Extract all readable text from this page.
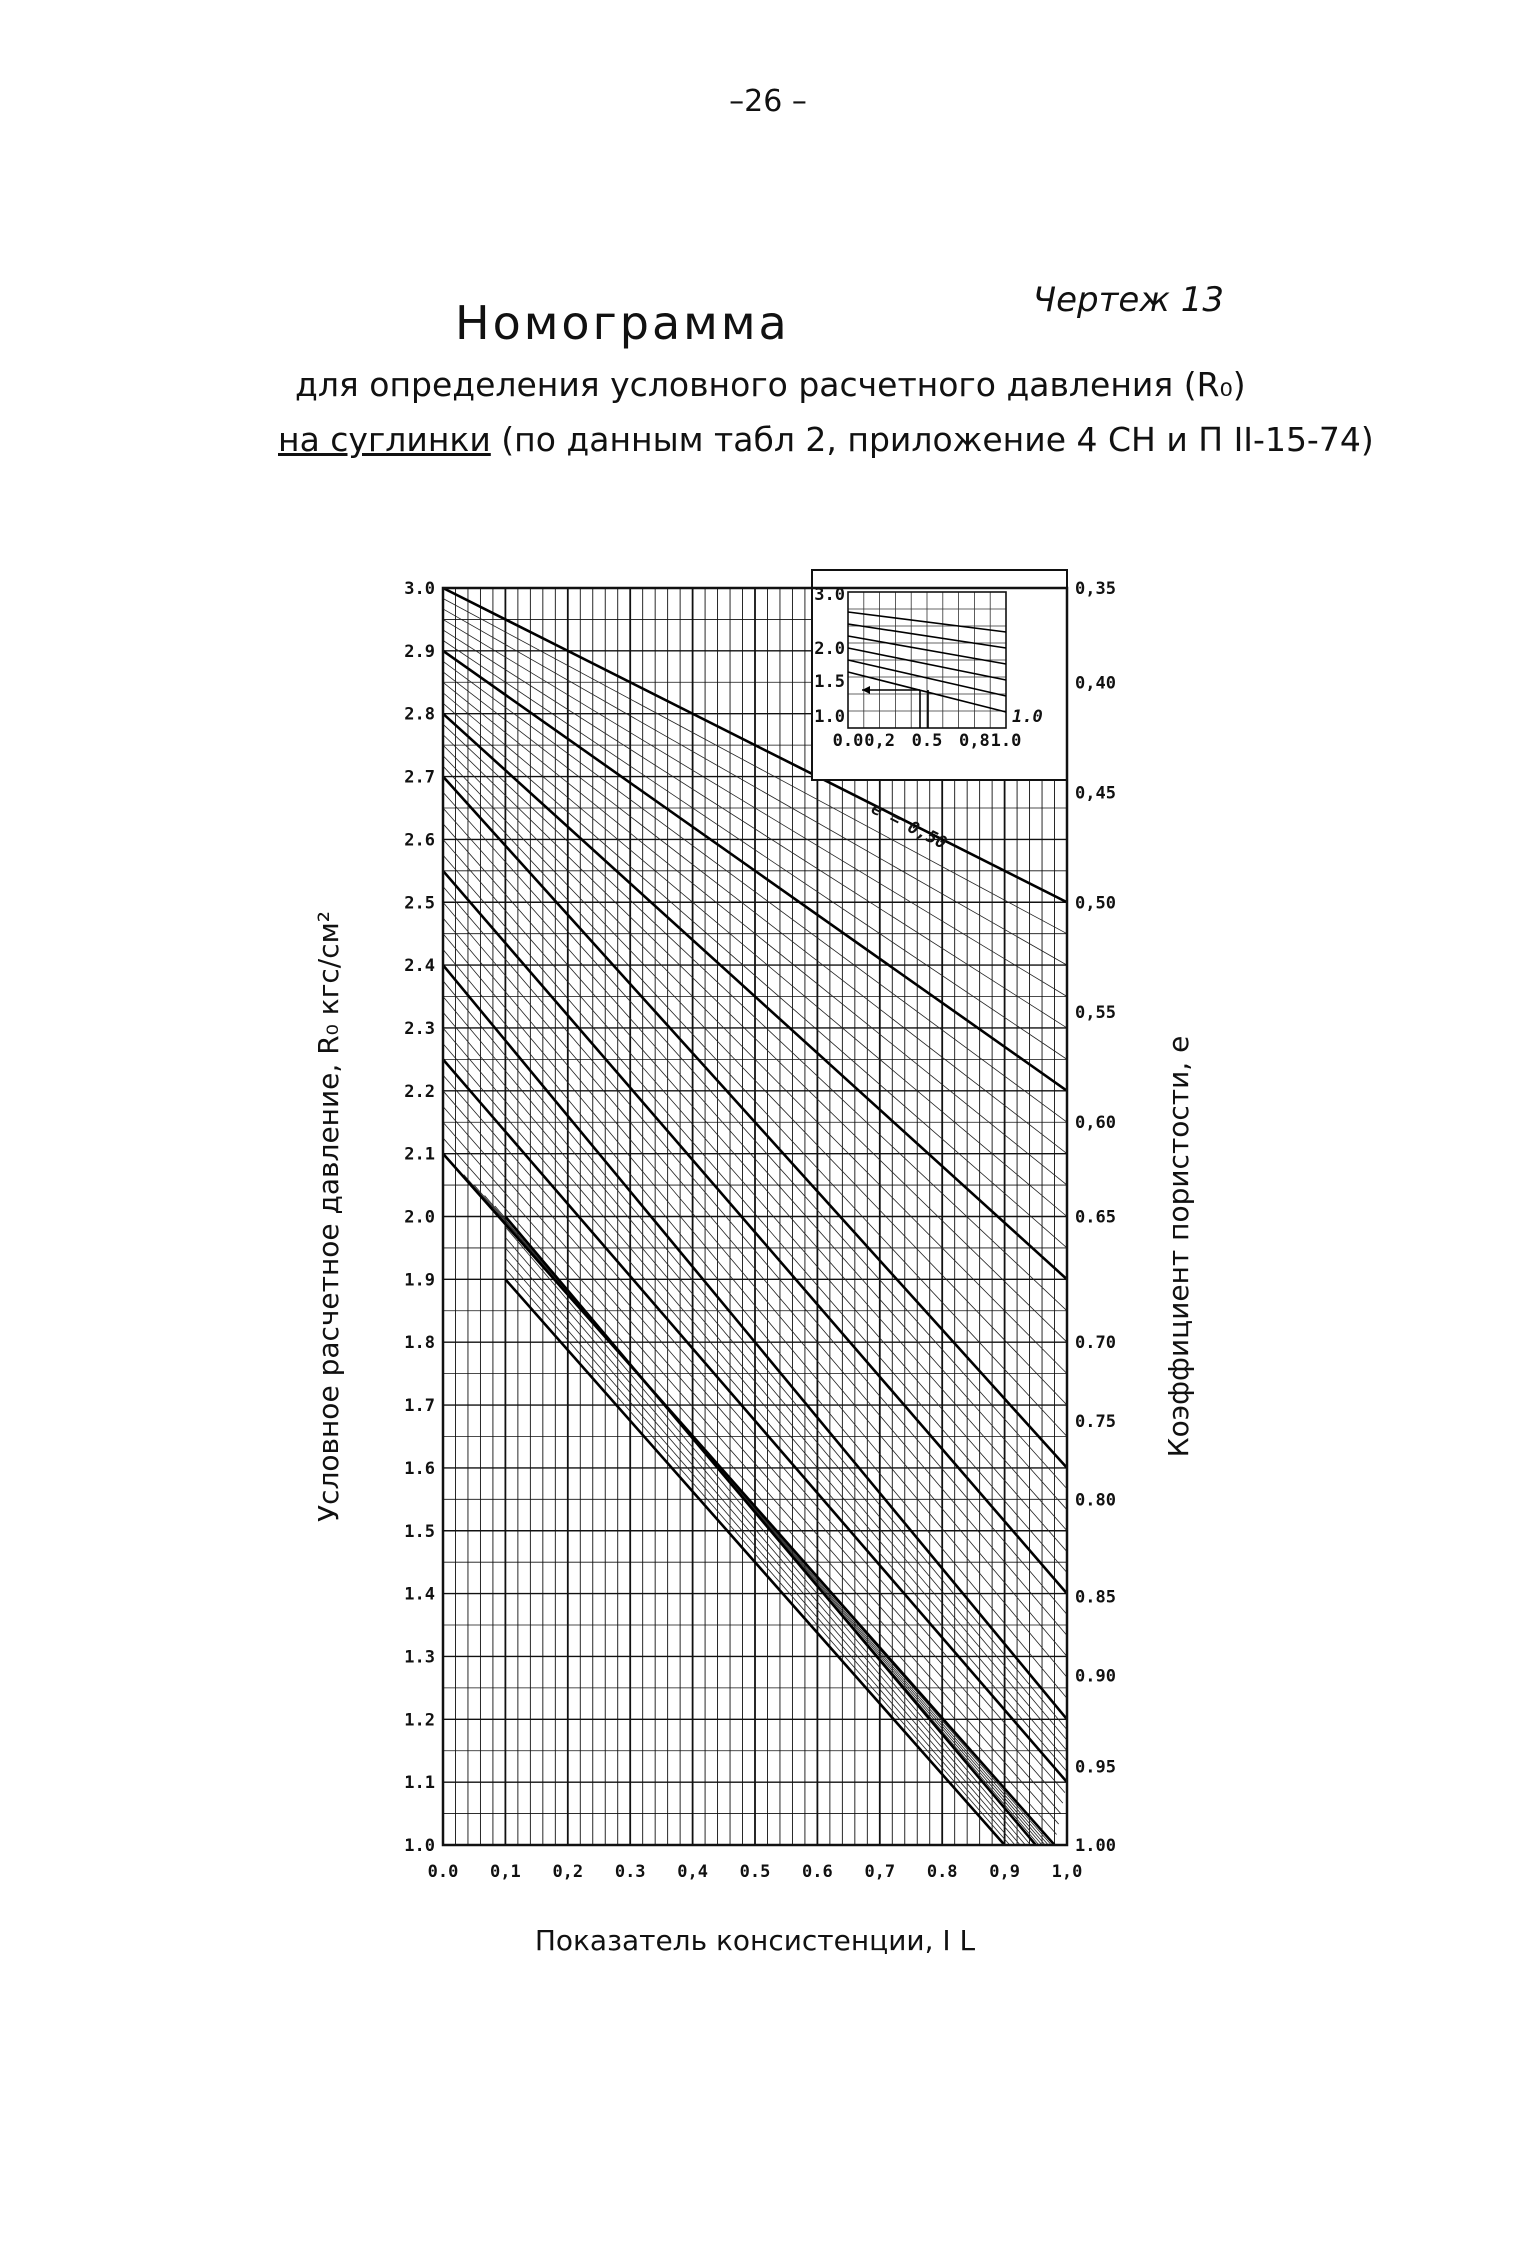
–26 –
Чертеж 13
Номограмма
для определения условного расчетного давления (R₀)
на суглинки (по данным табл 2, приложение 4 СН и П II-15-74)
0.0 0,2 0.5 0,8 1.0
3.0
2.0
1.5
1.0	1.0
3.0
2.9
2.8
2.7
2.6
2.5
2.4
2.3
2.2
2.1
2.0
1.9
1.8
1.7
1.6
1.5
1.4
1.3
1.2
1.1
1.0
0.0 0,1 0,2 0.3 0,4 0.5 0.6 0,7 0.8 0,9 1,0
0,35
0,40
0,45
0,50
0,55
0,60
0.65
0.70
0.75
0.80
0.85
0.90
0.95
1.00
e = 0,50
Показатель консистенции, I L
Условное расчетное давление, R₀ кгс/см²	Коэффициент пористости, e
